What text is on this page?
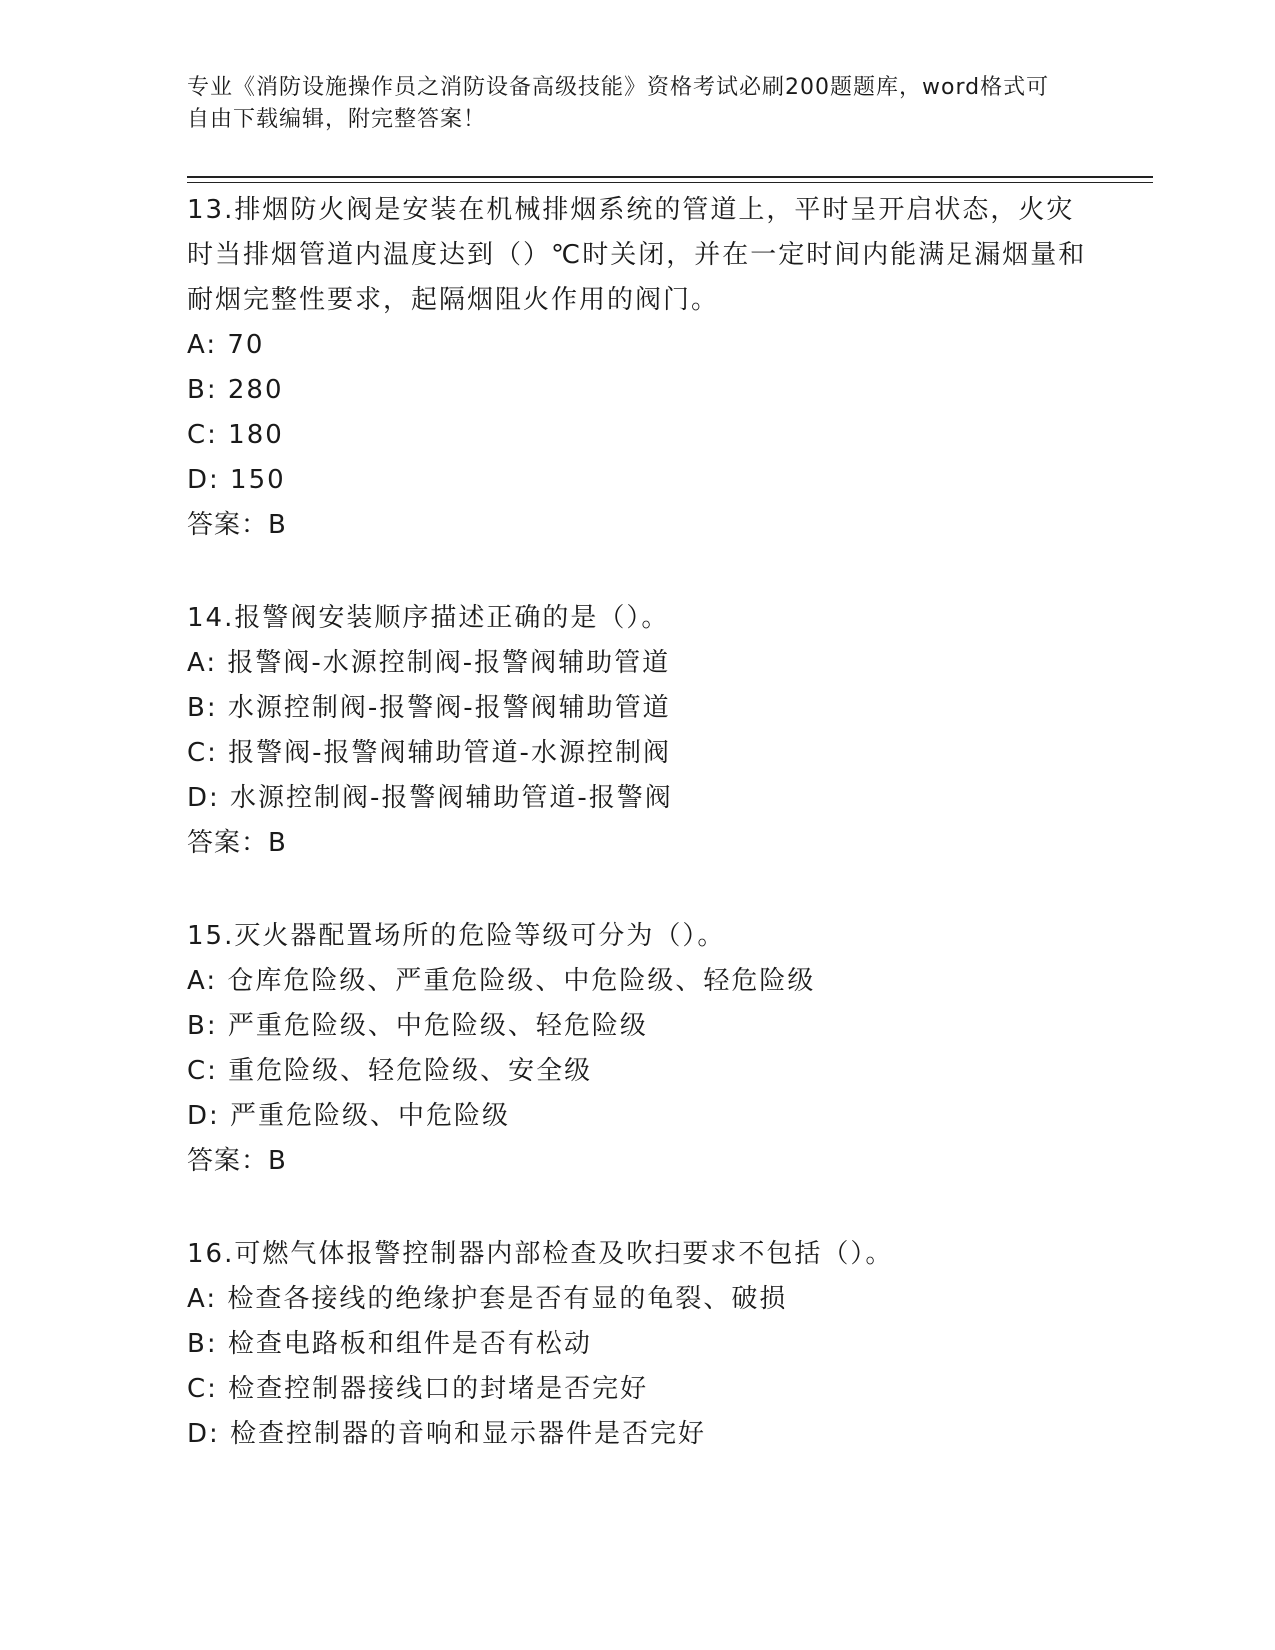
专业《消防设施操作员之消防设备高级技能》资格考试必刷200题题库，word格式可自由下载编辑，附完整答案！

13.排烟防火阀是安装在机械排烟系统的管道上，平时呈开启状态，火灾时当排烟管道内温度达到（）℃时关闭，并在一定时间内能满足漏烟量和耐烟完整性要求，起隔烟阻火作用的阀门。

A: 70

B: 280

C: 180

D: 150

答案：B

14.报警阀安装顺序描述正确的是（）。

A: 报警阀-水源控制阀-报警阀辅助管道

B: 水源控制阀-报警阀-报警阀辅助管道

C: 报警阀-报警阀辅助管道-水源控制阀

D: 水源控制阀-报警阀辅助管道-报警阀

答案：B

15.灭火器配置场所的危险等级可分为（）。

A: 仓库危险级、严重危险级、中危险级、轻危险级

B: 严重危险级、中危险级、轻危险级

C: 重危险级、轻危险级、安全级

D: 严重危险级、中危险级

答案：B

16.可燃气体报警控制器内部检查及吹扫要求不包括（）。

A: 检查各接线的绝缘护套是否有显的龟裂、破损

B: 检查电路板和组件是否有松动

C: 检查控制器接线口的封堵是否完好

D: 检查控制器的音响和显示器件是否完好
